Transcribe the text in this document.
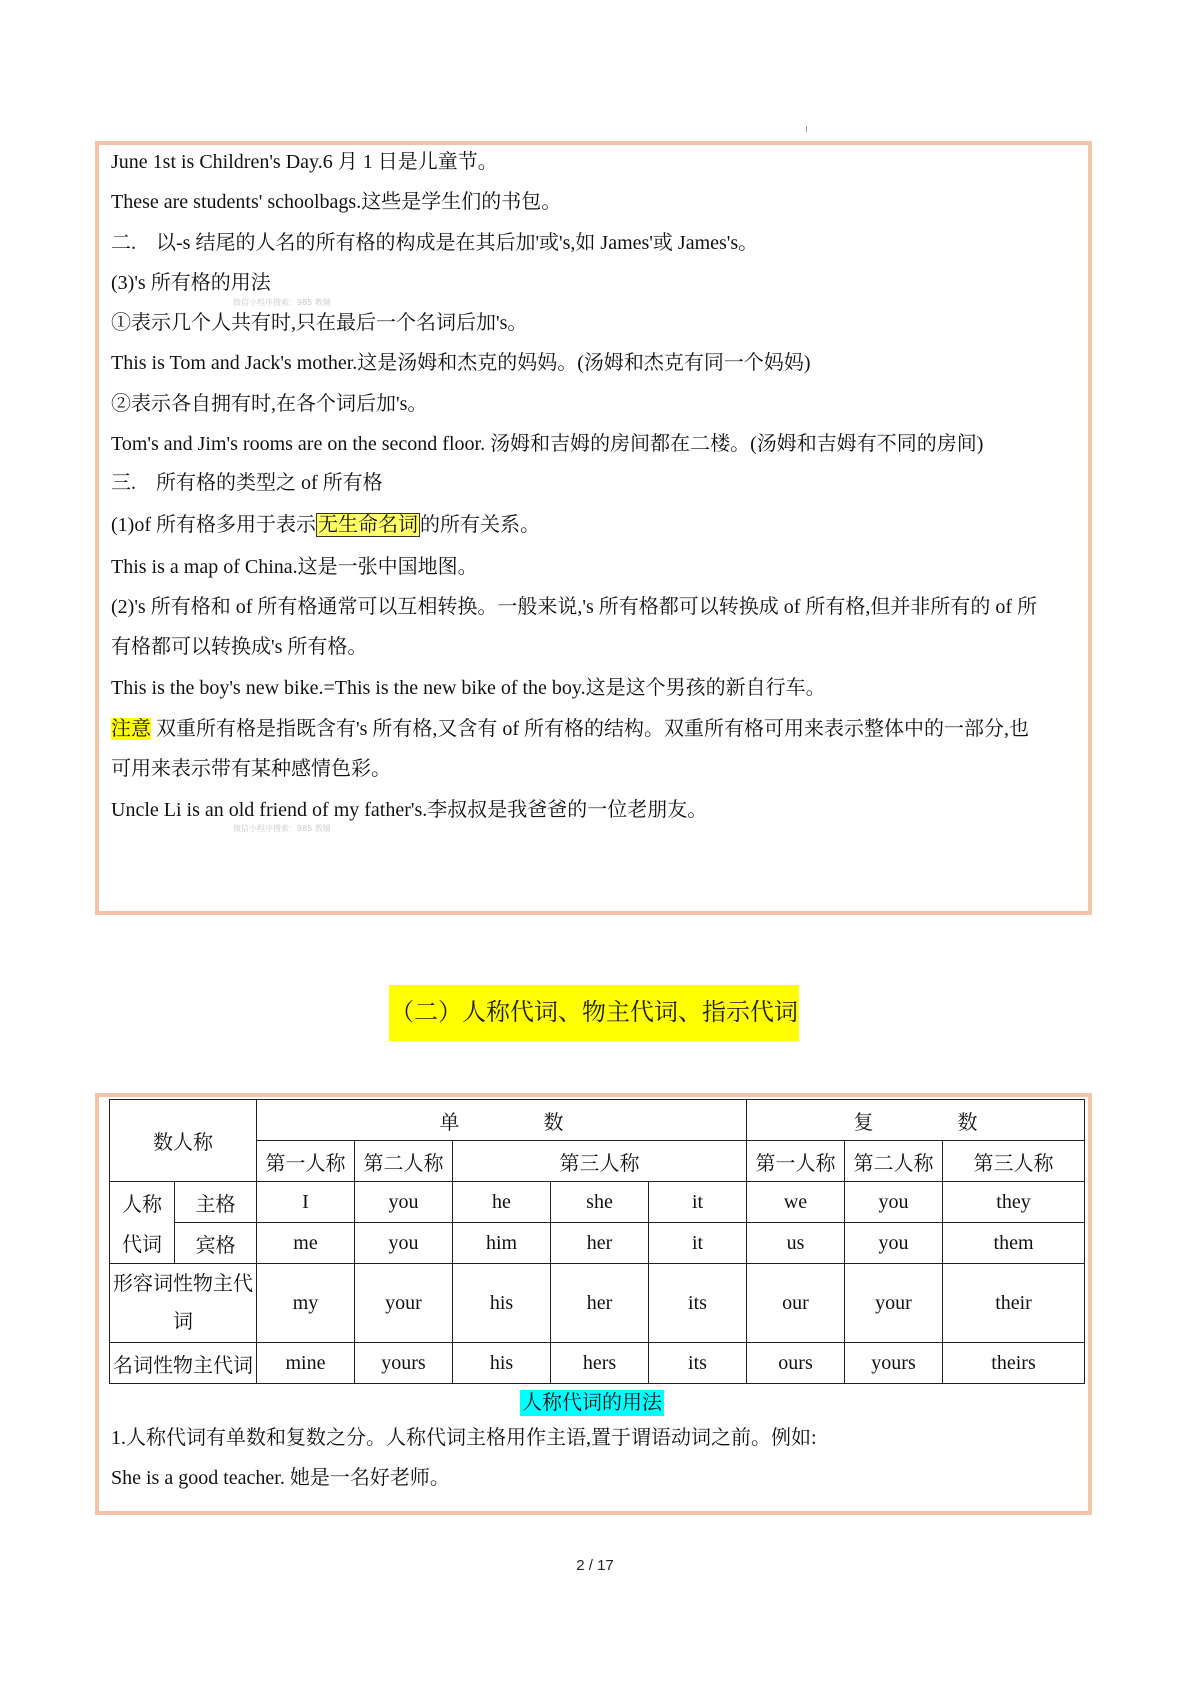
June 1st is Children's Day.6 月 1 日是儿童节。
These are students' schoolbags.这些是学生们的书包。
二.　以-s 结尾的人名的所有格的构成是在其后加'或's,如 James'或 James's。
(3)'s 所有格的用法
微信小程序搜索：985 教辅
①表示几个人共有时,只在最后一个名词后加's。
This is Tom and Jack's mother.这是汤姆和杰克的妈妈。(汤姆和杰克有同一个妈妈)
②表示各自拥有时,在各个词后加's。
Tom's and Jim's rooms are on the second floor. 汤姆和吉姆的房间都在二楼。(汤姆和吉姆有不同的房间)
三.　所有格的类型之 of 所有格
(1)of 所有格多用于表示 无生命名词 的所有关系。
This is a map of China.这是一张中国地图。
(2)'s 所有格和 of 所有格通常可以互相转换。一般来说,'s 所有格都可以转换成 of 所有格,但并非所有的 of 所
有格都可以转换成's 所有格。
This is the boy's new bike.=This is the new bike of the boy.这是这个男孩的新自行车。
注意 双重所有格是指既含有's 所有格,又含有 of 所有格的结构。双重所有格可用来表示整体中的一部分,也
可用来表示带有某种感情色彩。
Uncle Li is an old friend of my father's.李叔叔是我爸爸的一位老朋友。
微信小程序搜索：985 教辅
（二）人称代词、物主代词、指示代词
数人称		单　数					复　数		
		第一人称	第二人称	第三人称			第一人称	第二人称	第三人称
人称	主格	I	you	he	she	it	we	you	they
代词	宾格	me	you	him	her	it	us	you	them
形容词性物主代
词		my	your	his	her	its	our	your	their
名词性物主代词		mine	yours	his	hers	its	ours	yours	theirs
人称代词的用法
1.人称代词有单数和复数之分。人称代词主格用作主语,置于谓语动词之前。例如:
She is a good teacher. 她是一名好老师。
2 / 17
